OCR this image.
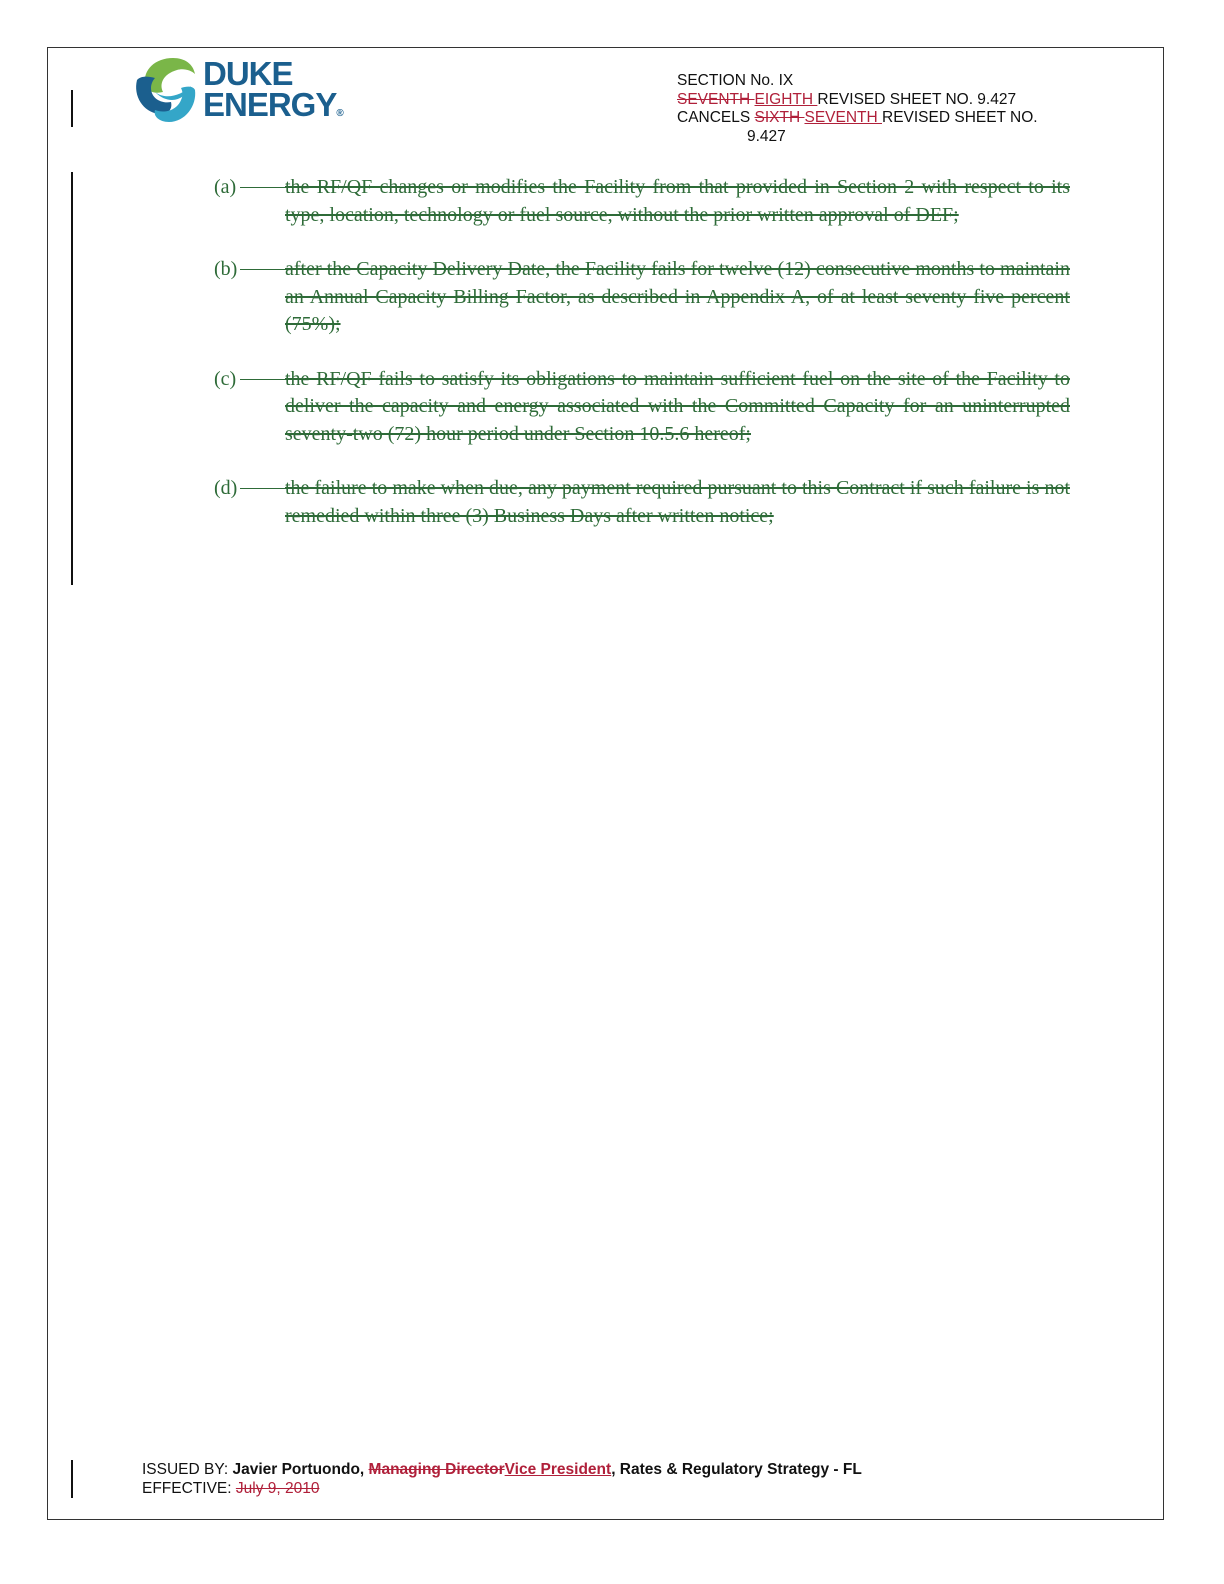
DUKE
ENERGY®
SECTION No. IX
SEVENTH EIGHTH REVISED SHEET NO. 9.427
CANCELS SIXTH SEVENTH REVISED SHEET NO.
9.427
(a)	the RF/QF changes or modifies the Facility from that provided in Section 2 with respect to its type, location, technology or fuel source, without the prior written approval of DEF;
(b)	after the Capacity Delivery Date, the Facility fails for twelve (12) consecutive months to maintain an Annual Capacity Billing Factor, as described in Appendix A, of at least seventy five percent (75%);
(c)	the RF/QF fails to satisfy its obligations to maintain sufficient fuel on the site of the Facility to deliver the capacity and energy associated with the Committed Capacity for an uninterrupted seventy-two (72) hour period under Section 10.5.6 hereof;
(d)	the failure to make when due, any payment required pursuant to this Contract if such failure is not remedied within three (3) Business Days after written notice;
ISSUED BY: Javier Portuondo, Managing DirectorVice President, Rates & Regulatory Strategy - FL
EFFECTIVE: July 9, 2010
